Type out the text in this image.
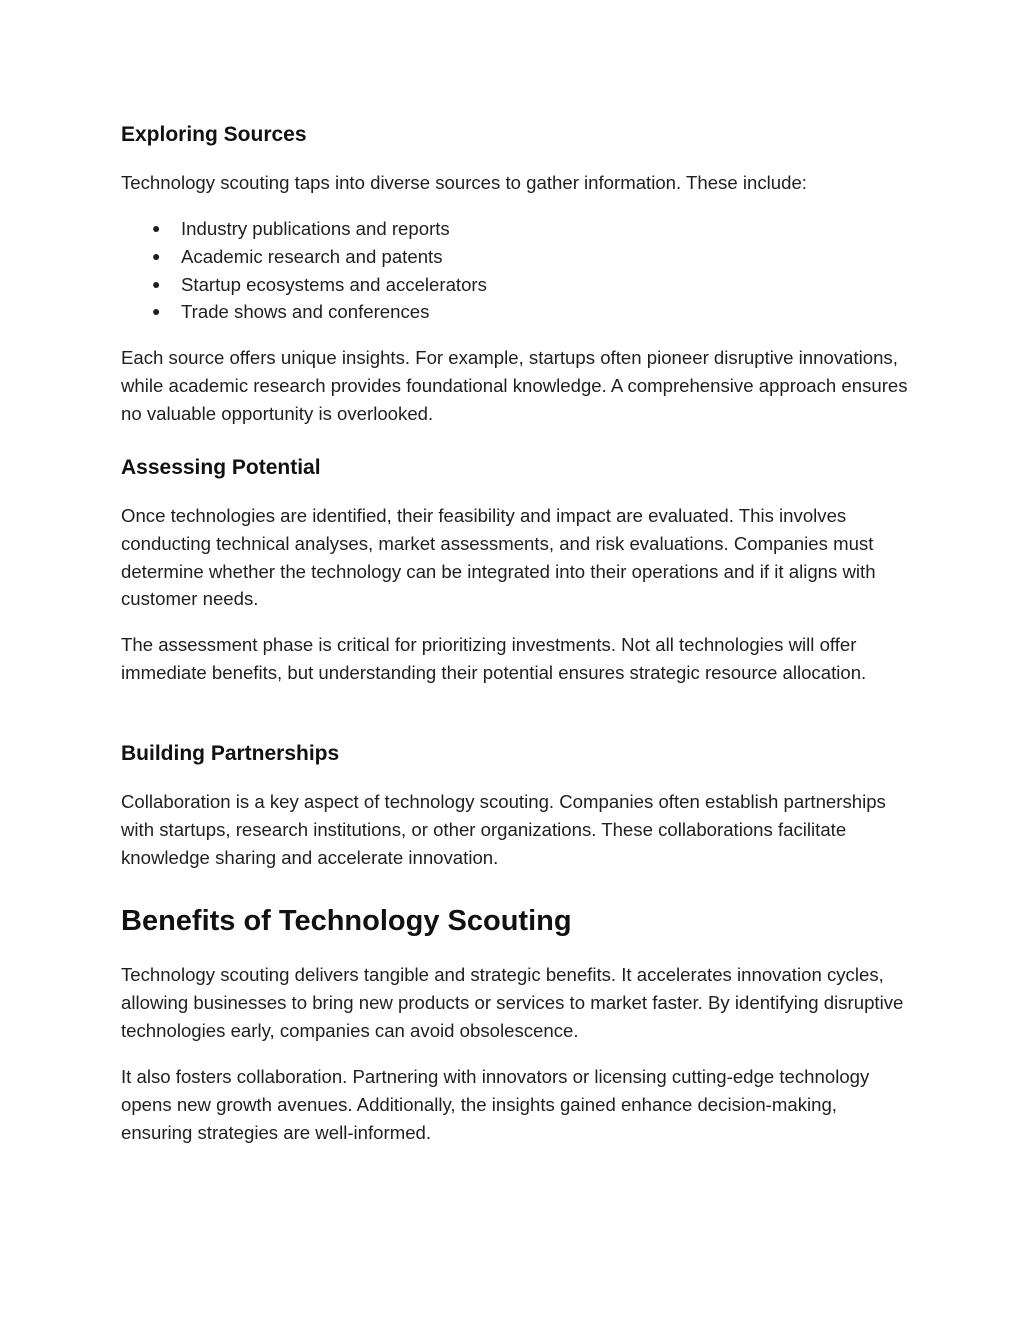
Exploring Sources

Technology scouting taps into diverse sources to gather information. These include:

● Industry publications and reports
● Academic research and patents
● Startup ecosystems and accelerators
● Trade shows and conferences

Each source offers unique insights. For example, startups often pioneer disruptive innovations, while academic research provides foundational knowledge. A comprehensive approach ensures no valuable opportunity is overlooked.

Assessing Potential

Once technologies are identified, their feasibility and impact are evaluated. This involves conducting technical analyses, market assessments, and risk evaluations. Companies must determine whether the technology can be integrated into their operations and if it aligns with customer needs.

The assessment phase is critical for prioritizing investments. Not all technologies will offer immediate benefits, but understanding their potential ensures strategic resource allocation.

Building Partnerships

Collaboration is a key aspect of technology scouting. Companies often establish partnerships with startups, research institutions, or other organizations. These collaborations facilitate knowledge sharing and accelerate innovation.

Benefits of Technology Scouting

Technology scouting delivers tangible and strategic benefits. It accelerates innovation cycles, allowing businesses to bring new products or services to market faster. By identifying disruptive technologies early, companies can avoid obsolescence.

It also fosters collaboration. Partnering with innovators or licensing cutting-edge technology opens new growth avenues. Additionally, the insights gained enhance decision-making, ensuring strategies are well-informed.
